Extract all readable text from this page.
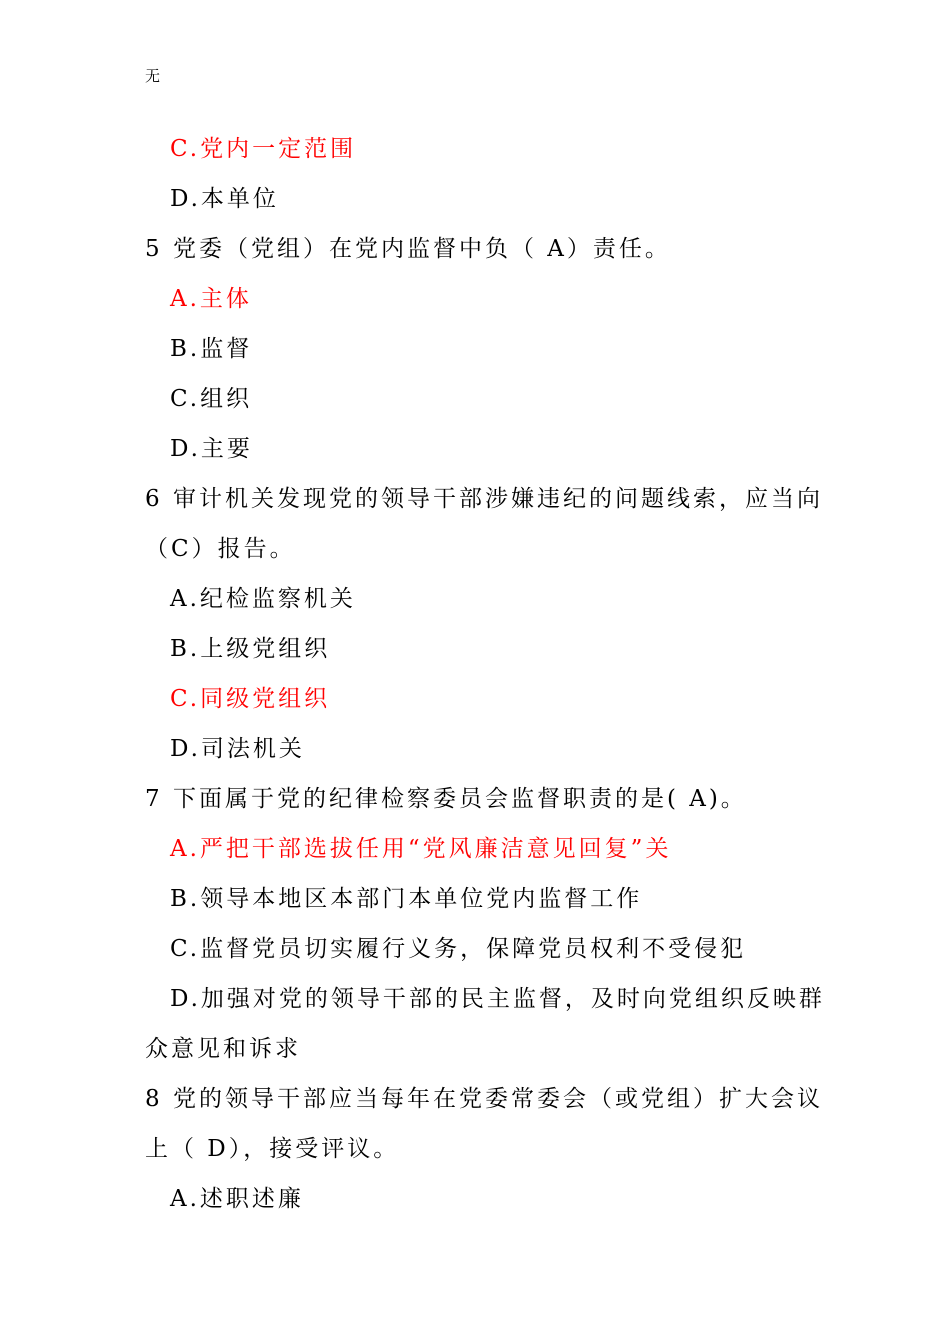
无
C.党内一定范围
D.本单位
5 党委（党组）在党内监督中负（ A）责任。
A.主体
B.监督
C.组织
D.主要
6 审计机关发现党的领导干部涉嫌违纪的问题线索，应当向
（C）报告。
A.纪检监察机关
B.上级党组织
C.同级党组织
D.司法机关
7 下面属于党的纪律检察委员会监督职责的是( A)。
A.严把干部选拔任用“党风廉洁意见回复”关
B.领导本地区本部门本单位党内监督工作
C.监督党员切实履行义务，保障党员权利不受侵犯
D.加强对党的领导干部的民主监督，及时向党组织反映群
众意见和诉求
8 党的领导干部应当每年在党委常委会（或党组）扩大会议
上（ D），接受评议。
A.述职述廉
